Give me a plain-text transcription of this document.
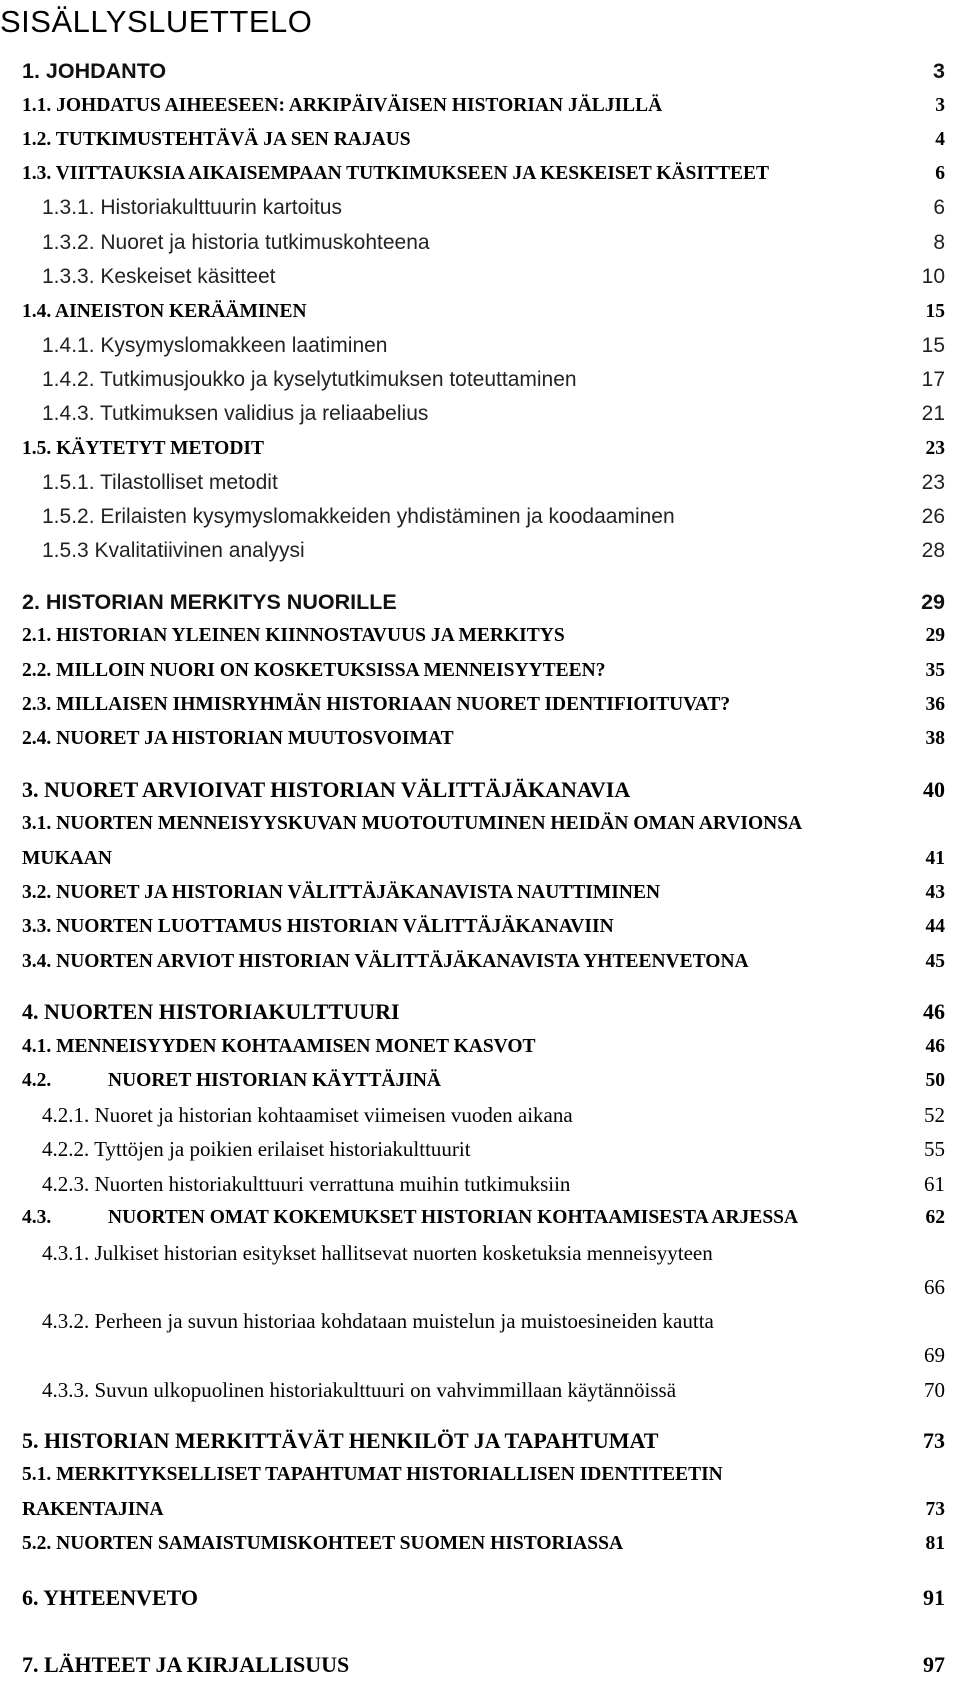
SISÄLLYSLUETTELO
1. JOHDANTO	3
1.1. JOHDATUS AIHEESEEN: ARKIPÄIVÄISEN HISTORIAN JÄLJILLÄ	3
1.2. TUTKIMUSTEHTÄVÄ JA SEN RAJAUS	4
1.3. VIITTAUKSIA AIKAISEMPAAN TUTKIMUKSEEN JA KESKEISET KÄSITTEET	6
1.3.1. Historiakulttuurin kartoitus	6
1.3.2. Nuoret ja historia tutkimuskohteena	8
1.3.3. Keskeiset käsitteet	10
1.4. AINEISTON KERÄÄMINEN	15
1.4.1. Kysymyslomakkeen laatiminen	15
1.4.2. Tutkimusjoukko ja kyselytutkimuksen toteuttaminen	17
1.4.3. Tutkimuksen validius ja reliaabelius	21
1.5. KÄYTETYT METODIT	23
1.5.1. Tilastolliset metodit	23
1.5.2. Erilaisten kysymyslomakkeiden yhdistäminen ja koodaaminen	26
1.5.3 Kvalitatiivinen analyysi	28
2. HISTORIAN MERKITYS NUORILLE	29
2.1. HISTORIAN YLEINEN KIINNOSTAVUUS JA MERKITYS	29
2.2. MILLOIN NUORI ON KOSKETUKSISSA MENNEISYYTEEN?	35
2.3. MILLAISEN IHMISRYHMÄN HISTORIAAN NUORET IDENTIFIOITUVAT?	36
2.4. NUORET JA HISTORIAN MUUTOSVOIMAT	38
3. NUORET ARVIOIVAT HISTORIAN VÄLITTÄJÄKANAVIA	40
3.1. NUORTEN MENNEISYYSKUVAN MUOTOUTUMINEN HEIDÄN OMAN ARVIONSA
MUKAAN	41
3.2. NUORET JA HISTORIAN VÄLITTÄJÄKANAVISTA NAUTTIMINEN	43
3.3. NUORTEN LUOTTAMUS HISTORIAN VÄLITTÄJÄKANAVIIN	44
3.4. NUORTEN ARVIOT HISTORIAN VÄLITTÄJÄKANAVISTA YHTEENVETONA	45
4. NUORTEN HISTORIAKULTTUURI	46
4.1. MENNEISYYDEN KOHTAAMISEN MONET KASVOT	46
4.2.	NUORET HISTORIAN KÄYTTÄJINÄ	50
4.2.1. Nuoret ja historian kohtaamiset viimeisen vuoden aikana	52
4.2.2. Tyttöjen ja poikien erilaiset historiakulttuurit	55
4.2.3. Nuorten historiakulttuuri verrattuna muihin tutkimuksiin	61
4.3.	NUORTEN OMAT KOKEMUKSET HISTORIAN KOHTAAMISESTA ARJESSA	62
4.3.1. Julkiset historian esitykset hallitsevat nuorten kosketuksia menneisyyteen
66
4.3.2. Perheen ja suvun historiaa kohdataan muistelun ja muistoesineiden kautta
69
4.3.3. Suvun ulkopuolinen historiakulttuuri on vahvimmillaan käytännöissä	70
5. HISTORIAN MERKITTÄVÄT HENKILÖT JA TAPAHTUMAT	73
5.1. MERKITYKSELLISET TAPAHTUMAT HISTORIALLISEN IDENTITEETIN
RAKENTAJINA	73
5.2. NUORTEN SAMAISTUMISKOHTEET SUOMEN HISTORIASSA	81
6. YHTEENVETO	91
7. LÄHTEET JA KIRJALLISUUS	97
